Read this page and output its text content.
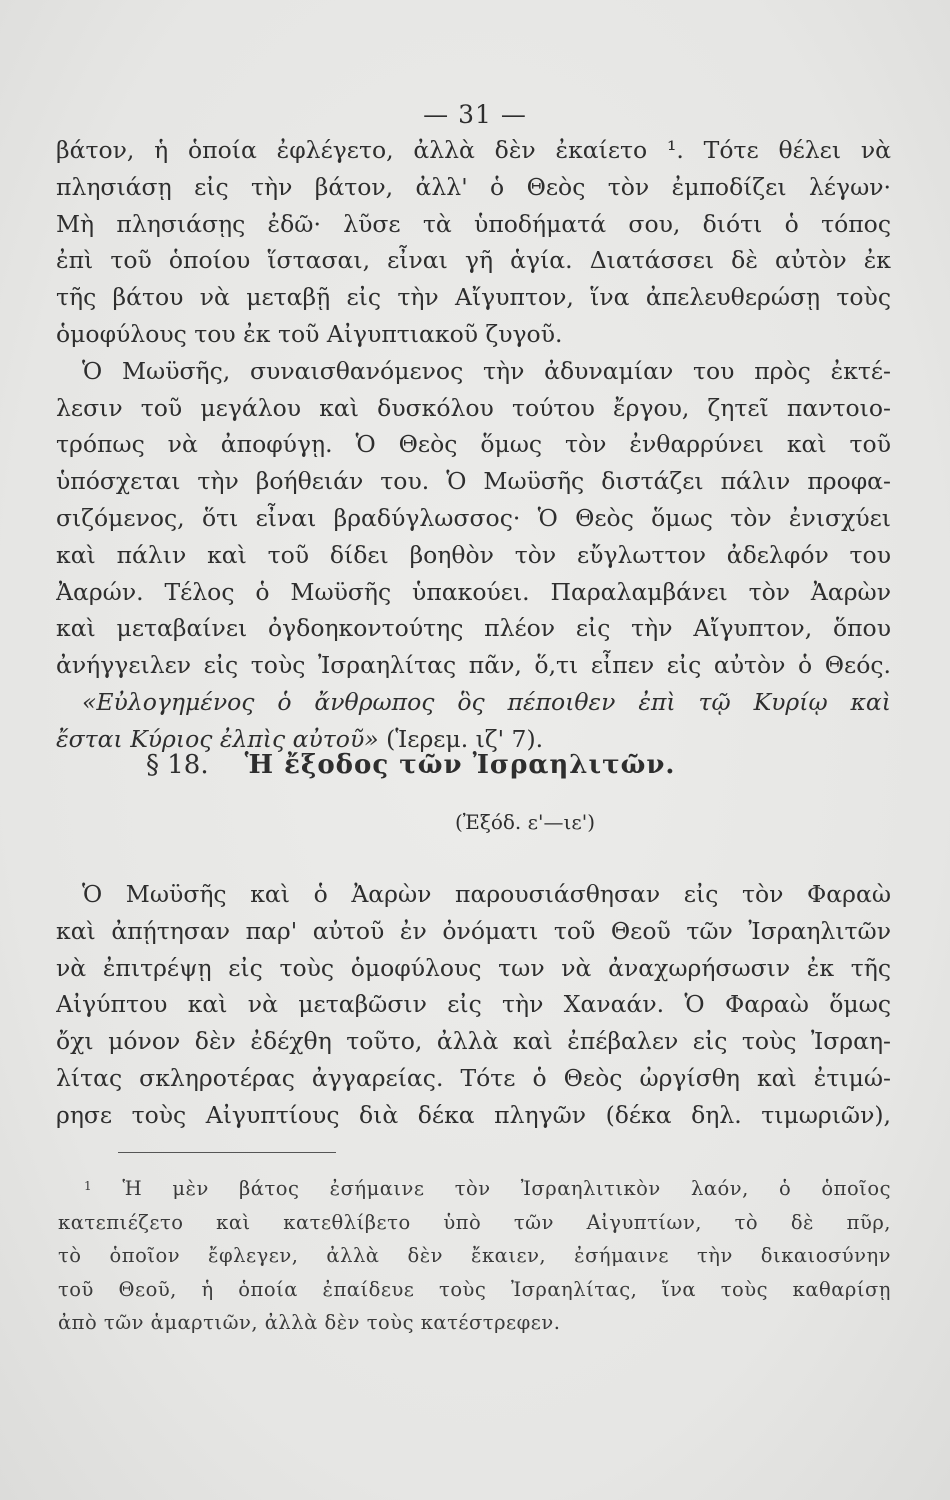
— 31 —
βάτον, ἡ ὁποία ἐφλέγετο, ἀλλὰ δὲν ἐκαίετο ¹. Τότε θέλει νὰ
πλησιάσῃ εἰς τὴν βάτον, ἀλλ' ὁ Θεὸς τὸν ἐμποδίζει λέγων·
Μὴ πλησιάσῃς ἐδῶ· λῦσε τὰ ὑποδήματά σου, διότι ὁ τόπος
ἐπὶ τοῦ ὁποίου ἵστασαι, εἶναι γῆ ἁγία. Διατάσσει δὲ αὐτὸν ἐκ
τῆς βάτου νὰ μεταβῇ εἰς τὴν Αἴγυπτον, ἵνα ἀπελευθερώσῃ τοὺς
ὁμοφύλους του ἐκ τοῦ Αἰγυπτιακοῦ ζυγοῦ.
Ὁ Μωϋσῆς, συναισθανόμενος τὴν ἀδυναμίαν του πρὸς ἐκτέ-
λεσιν τοῦ μεγάλου καὶ δυσκόλου τούτου ἔργου, ζητεῖ παντοιο-
τρόπως νὰ ἀποφύγῃ. Ὁ Θεὸς ὅμως τὸν ἐνθαρρύνει καὶ τοῦ
ὑπόσχεται τὴν βοήθειάν του. Ὁ Μωϋσῆς διστάζει πάλιν προφα-
σιζόμενος, ὅτι εἶναι βραδύγλωσσος· Ὁ Θεὸς ὅμως τὸν ἐνισχύει
καὶ πάλιν καὶ τοῦ δίδει βοηθὸν τὸν εὔγλωττον ἀδελφόν του
Ἀαρών. Τέλος ὁ Μωϋσῆς ὑπακούει. Παραλαμβάνει τὸν Ἀαρὼν
καὶ μεταβαίνει ὀγδοηκοντούτης πλέον εἰς τὴν Αἴγυπτον, ὅπου
ἀνήγγειλεν εἰς τοὺς Ἰσραηλίτας πᾶν, ὅ,τι εἶπεν εἰς αὐτὸν ὁ Θεός.
«Εὐλογημένος ὁ ἄνθρωπος ὃς πέποιθεν ἐπὶ τῷ Κυρίῳ καὶ
ἔσται Κύριος ἐλπὶς αὐτοῦ» (Ἱερεμ. ιζ' 7).
§ 18. Ἡ ἔξοδος τῶν Ἰσραηλιτῶν.
(Ἐξόδ. ε'—ιε')
Ὁ Μωϋσῆς καὶ ὁ Ἀαρὼν παρουσιάσθησαν εἰς τὸν Φαραὼ
καὶ ἀπῄτησαν παρ' αὐτοῦ ἐν ὀνόματι τοῦ Θεοῦ τῶν Ἰσραηλιτῶν
νὰ ἐπιτρέψῃ εἰς τοὺς ὁμοφύλους των νὰ ἀναχωρήσωσιν ἐκ τῆς
Αἰγύπτου καὶ νὰ μεταβῶσιν εἰς τὴν Χαναάν. Ὁ Φαραὼ ὅμως
ὄχι μόνον δὲν ἐδέχθη τοῦτο, ἀλλὰ καὶ ἐπέβαλεν εἰς τοὺς Ἰσραη-
λίτας σκληροτέρας ἀγγαρείας. Τότε ὁ Θεὸς ὠργίσθη καὶ ἐτιμώ-
ρησε τοὺς Αἰγυπτίους διὰ δέκα πληγῶν (δέκα δηλ. τιμωριῶν),
$^1$ Ἡ μὲν βάτος ἐσήμαινε τὸν Ἰσραηλιτικὸν λαόν, ὁ ὁποῖος
κατεπιέζετο καὶ κατεθλίβετο ὑπὸ τῶν Αἰγυπτίων, τὸ δὲ πῦρ,
τὸ ὁποῖον ἔφλεγεν, ἀλλὰ δὲν ἔκαιεν, ἐσήμαινε τὴν δικαιοσύνην
τοῦ Θεοῦ, ἡ ὁποία ἐπαίδευε τοὺς Ἰσραηλίτας, ἵνα τοὺς καθαρίσῃ
ἀπὸ τῶν ἁμαρτιῶν, ἀλλὰ δὲν τοὺς κατέστρεφεν.
